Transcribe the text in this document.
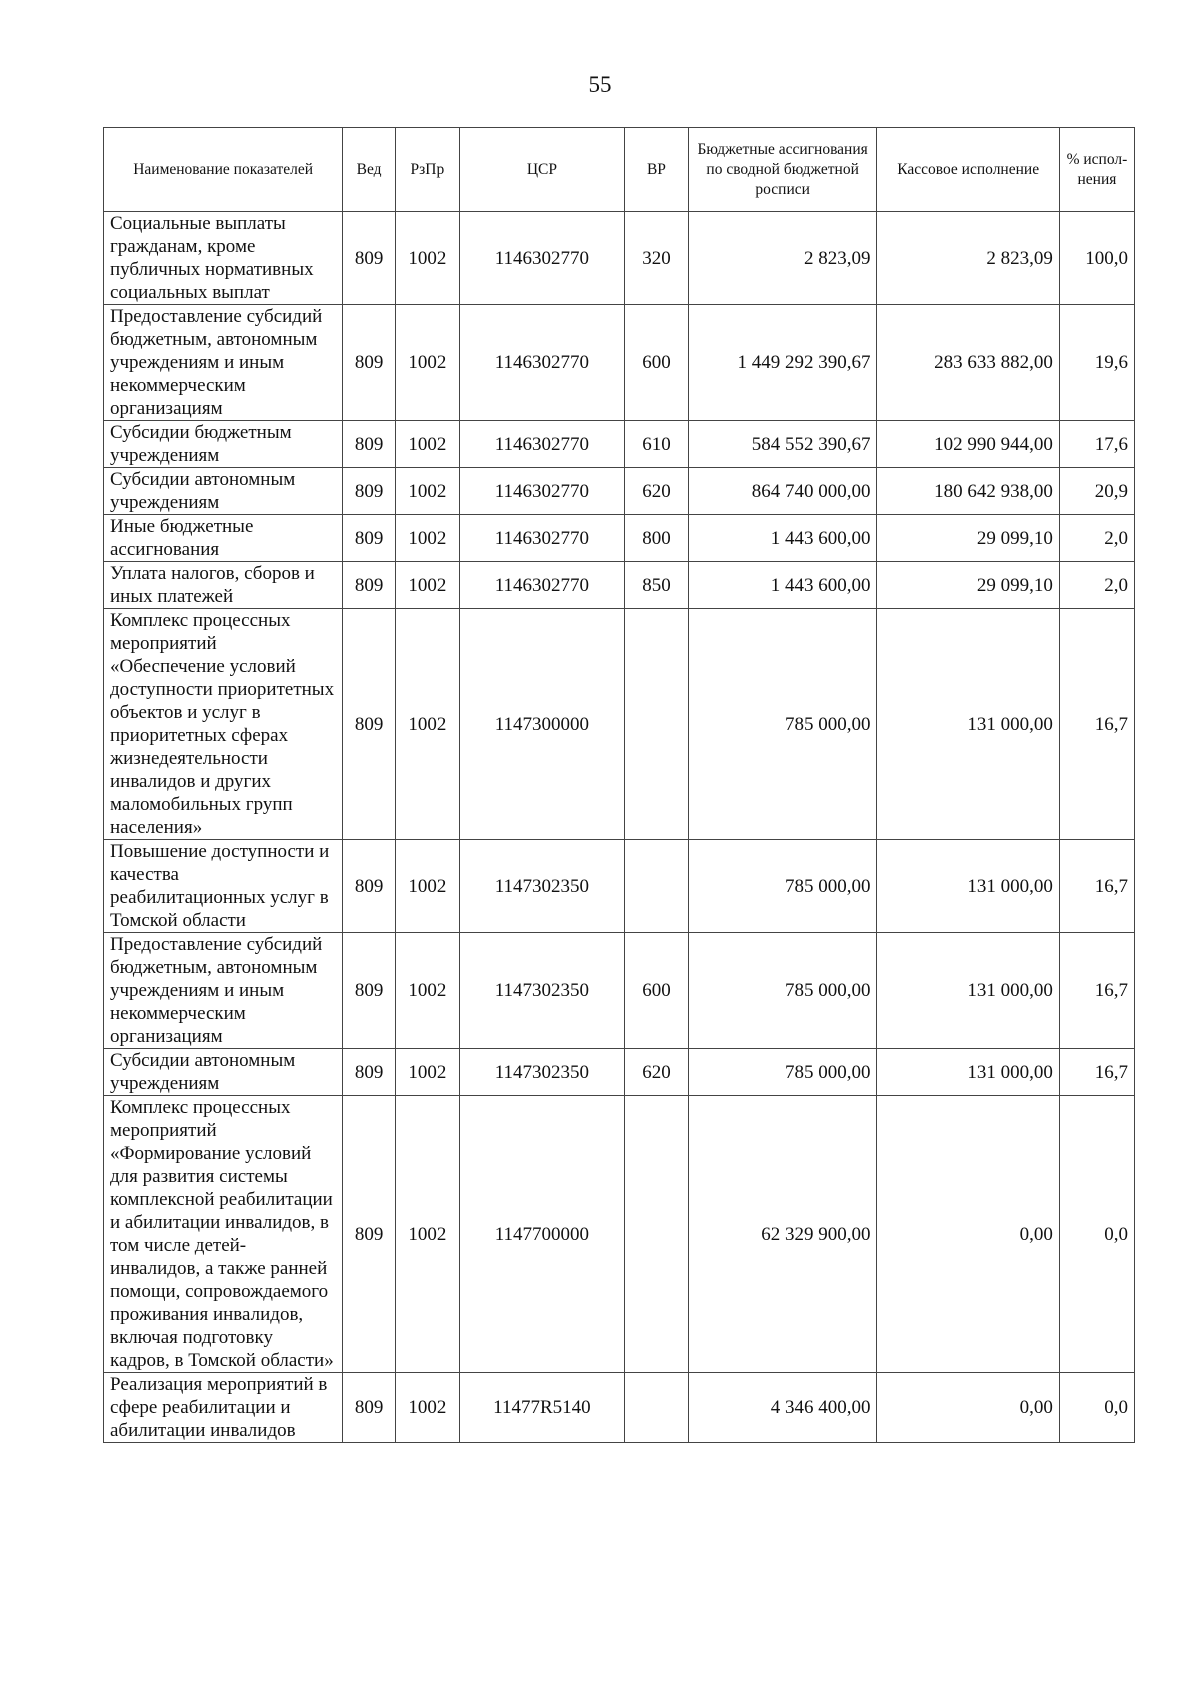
55
Наименование показателей	Вед	РзПр	ЦСР	ВР	Бюджетные ассигнования по сводной бюджетной росписи	Кассовое исполнение	% испол-нения
Социальные выплаты гражданам, кроме публичных нормативных социальных выплат	809	1002	1146302770	320	2 823,09	2 823,09	100,0
Предоставление субсидий бюджетным, автономным учреждениям и иным некоммерческим организациям	809	1002	1146302770	600	1 449 292 390,67	283 633 882,00	19,6
Субсидии бюджетным учреждениям	809	1002	1146302770	610	584 552 390,67	102 990 944,00	17,6
Субсидии автономным учреждениям	809	1002	1146302770	620	864 740 000,00	180 642 938,00	20,9
Иные бюджетные ассигнования	809	1002	1146302770	800	1 443 600,00	29 099,10	2,0
Уплата налогов, сборов и иных платежей	809	1002	1146302770	850	1 443 600,00	29 099,10	2,0
Комплекс процессных мероприятий «Обеспечение условий доступности приоритетных объектов и услуг в приоритетных сферах жизнедеятельности инвалидов и других маломобильных групп населения»	809	1002	1147300000		785 000,00	131 000,00	16,7
Повышение доступности и качества реабилитационных услуг в Томской области	809	1002	1147302350		785 000,00	131 000,00	16,7
Предоставление субсидий бюджетным, автономным учреждениям и иным некоммерческим организациям	809	1002	1147302350	600	785 000,00	131 000,00	16,7
Субсидии автономным учреждениям	809	1002	1147302350	620	785 000,00	131 000,00	16,7
Комплекс процессных мероприятий «Формирование условий для развития системы комплексной реабилитации и абилитации инвалидов, в том числе детей-инвалидов, а также ранней помощи, сопровождаемого проживания инвалидов, включая подготовку кадров, в Томской области»	809	1002	1147700000		62 329 900,00	0,00	0,0
Реализация мероприятий в сфере реабилитации и абилитации инвалидов	809	1002	11477R5140		4 346 400,00	0,00	0,0
